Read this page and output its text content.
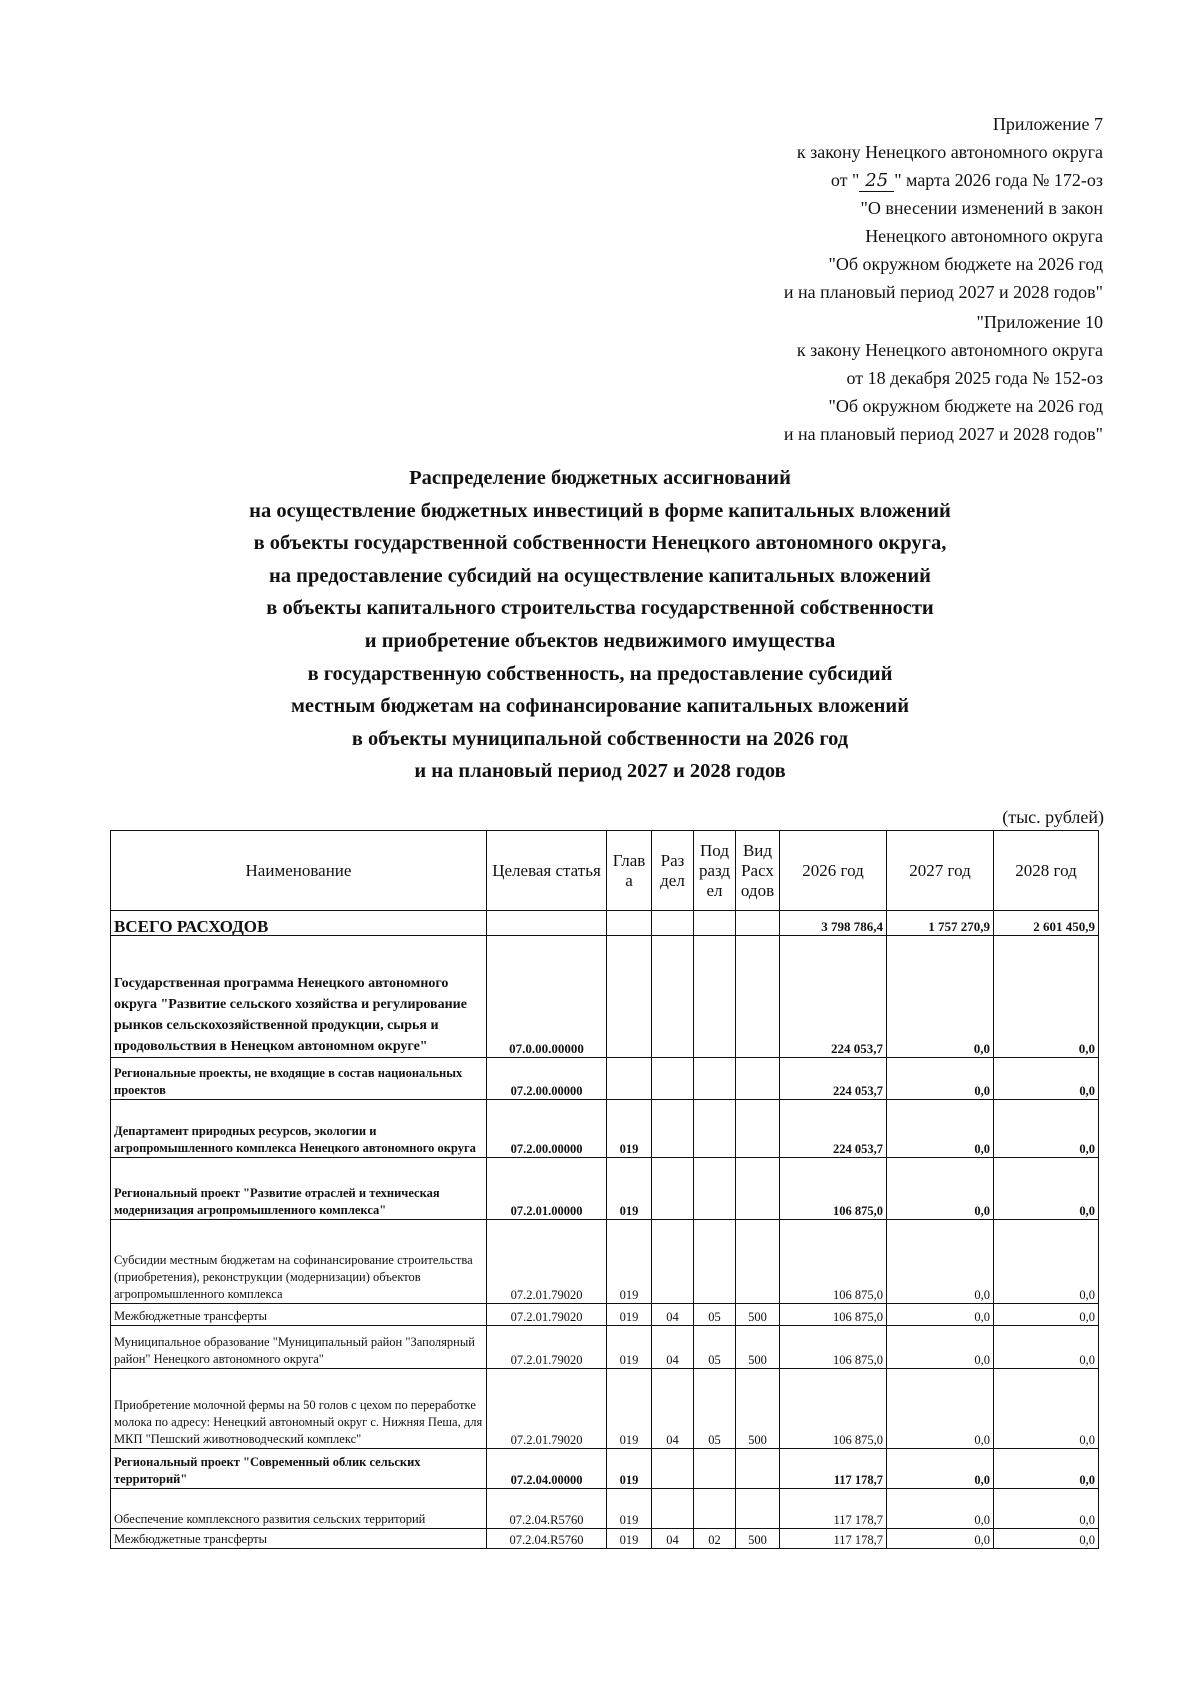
Приложение 7
к закону Ненецкого автономного округа
от " 25 " марта 2026 года № 172-оз
"О внесении изменений в закон
Ненецкого автономного округа
"Об окружном бюджете на 2026 год
и на плановый период 2027 и 2028 годов"
"Приложение 10
к закону Ненецкого автономного округа
от 18 декабря 2025 года № 152-оз
"Об окружном бюджете на 2026 год
и на плановый период 2027 и 2028 годов"
Распределение бюджетных ассигнований
на осуществление бюджетных инвестиций в форме капитальных вложений
в объекты государственной собственности Ненецкого автономного округа,
на предоставление субсидий на осуществление капитальных вложений
в объекты капитального строительства государственной собственности
и приобретение объектов недвижимого имущества
в государственную собственность, на предоставление субсидий
местным бюджетам на софинансирование капитальных вложений
в объекты муниципальной собственности на 2026 год
и на плановый период 2027 и 2028 годов
(тыс. рублей)
Наименование	Целевая статья	Глав а	Раз дел	Под разд ел	Вид Расх одов	2026 год	2027 год	2028 год
ВСЕГО РАСХОДОВ						3 798 786,4	1 757 270,9	2 601 450,9
Государственная программа Ненецкого автономного округа "Развитие сельского хозяйства и регулирование рынков сельскохозяйственной продукции, сырья и продовольствия в Ненецком автономном округе"	07.0.00.00000					224 053,7	0,0	0,0
Региональные проекты, не входящие в состав национальных проектов	07.2.00.00000					224 053,7	0,0	0,0
Департамент природных ресурсов, экологии и агропромышленного комплекса Ненецкого автономного округа	07.2.00.00000	019				224 053,7	0,0	0,0
Региональный проект "Развитие отраслей и техническая модернизация агропромышленного комплекса"	07.2.01.00000	019				106 875,0	0,0	0,0
Субсидии местным бюджетам на софинансирование строительства (приобретения), реконструкции (модернизации) объектов агропромышленного комплекса	07.2.01.79020	019				106 875,0	0,0	0,0
Межбюджетные трансферты	07.2.01.79020	019	04	05	500	106 875,0	0,0	0,0
Муниципальное образование "Муниципальный район "Заполярный район" Ненецкого автономного округа"	07.2.01.79020	019	04	05	500	106 875,0	0,0	0,0
Приобретение молочной фермы на 50 голов с цехом по переработке молока по адресу: Ненецкий автономный округ с. Нижняя Пеша, для МКП "Пешский животноводческий комплекс"	07.2.01.79020	019	04	05	500	106 875,0	0,0	0,0
Региональный проект "Современный облик сельских территорий"	07.2.04.00000	019				117 178,7	0,0	0,0
Обеспечение комплексного развития сельских территорий	07.2.04.R5760	019				117 178,7	0,0	0,0
Межбюджетные трансферты	07.2.04.R5760	019	04	02	500	117 178,7	0,0	0,0
